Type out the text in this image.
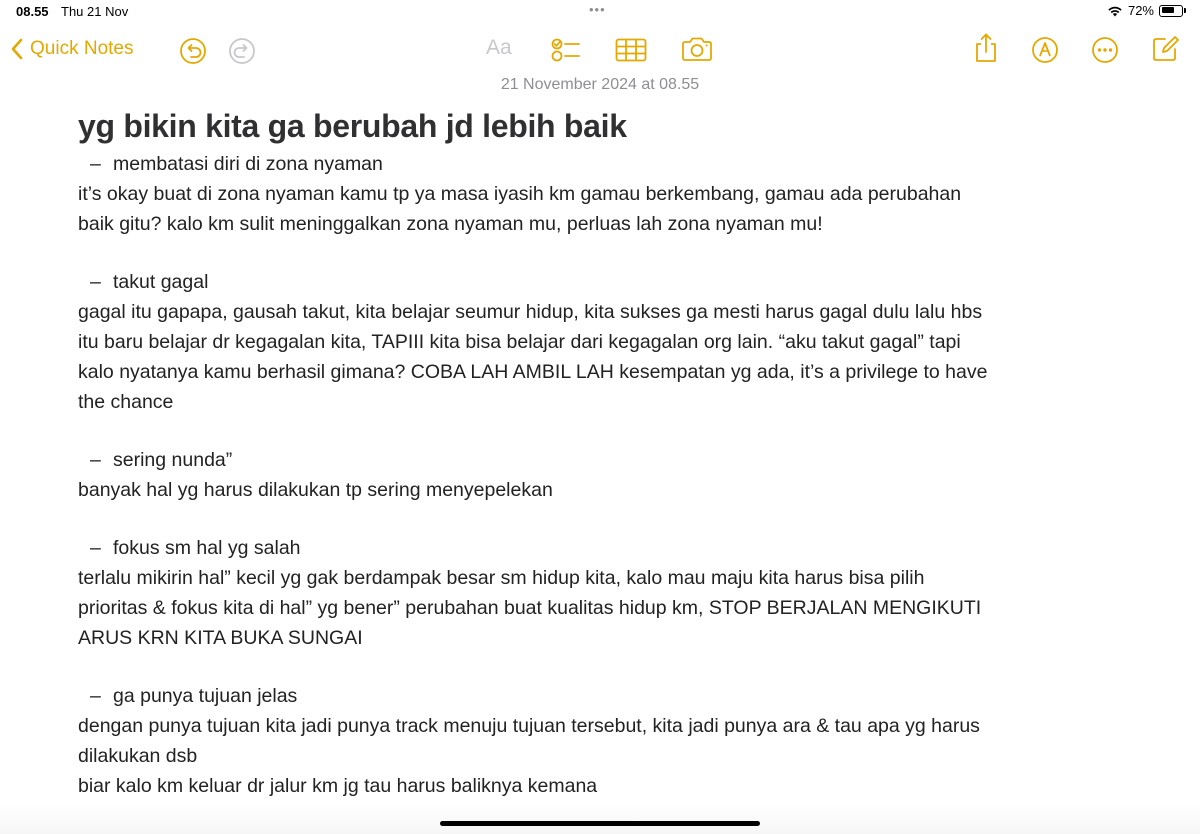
08.55 Thu 21 Nov	•••	72%
Quick Notes	Aa
21 November 2024 at 08.55
yg bikin kita ga berubah jd lebih baik
– membatasi diri di zona nyaman
it’s okay buat di zona nyaman kamu tp ya masa iyasih km gamau berkembang, gamau ada perubahan
baik gitu? kalo km sulit meninggalkan zona nyaman mu, perluas lah zona nyaman mu!
– takut gagal
gagal itu gapapa, gausah takut, kita belajar seumur hidup, kita sukses ga mesti harus gagal dulu lalu hbs
itu baru belajar dr kegagalan kita, TAPIII kita bisa belajar dari kegagalan org lain. “aku takut gagal” tapi
kalo nyatanya kamu berhasil gimana? COBA LAH AMBIL LAH kesempatan yg ada, it’s a privilege to have
the chance
– sering nunda”
banyak hal yg harus dilakukan tp sering menyepelekan
– fokus sm hal yg salah
terlalu mikirin hal” kecil yg gak berdampak besar sm hidup kita, kalo mau maju kita harus bisa pilih
prioritas & fokus kita di hal” yg bener” perubahan buat kualitas hidup km, STOP BERJALAN MENGIKUTI
ARUS KRN KITA BUKA SUNGAI
– ga punya tujuan jelas
dengan punya tujuan kita jadi punya track menuju tujuan tersebut, kita jadi punya ara & tau apa yg harus
dilakukan dsb
biar kalo km keluar dr jalur km jg tau harus baliknya kemana
